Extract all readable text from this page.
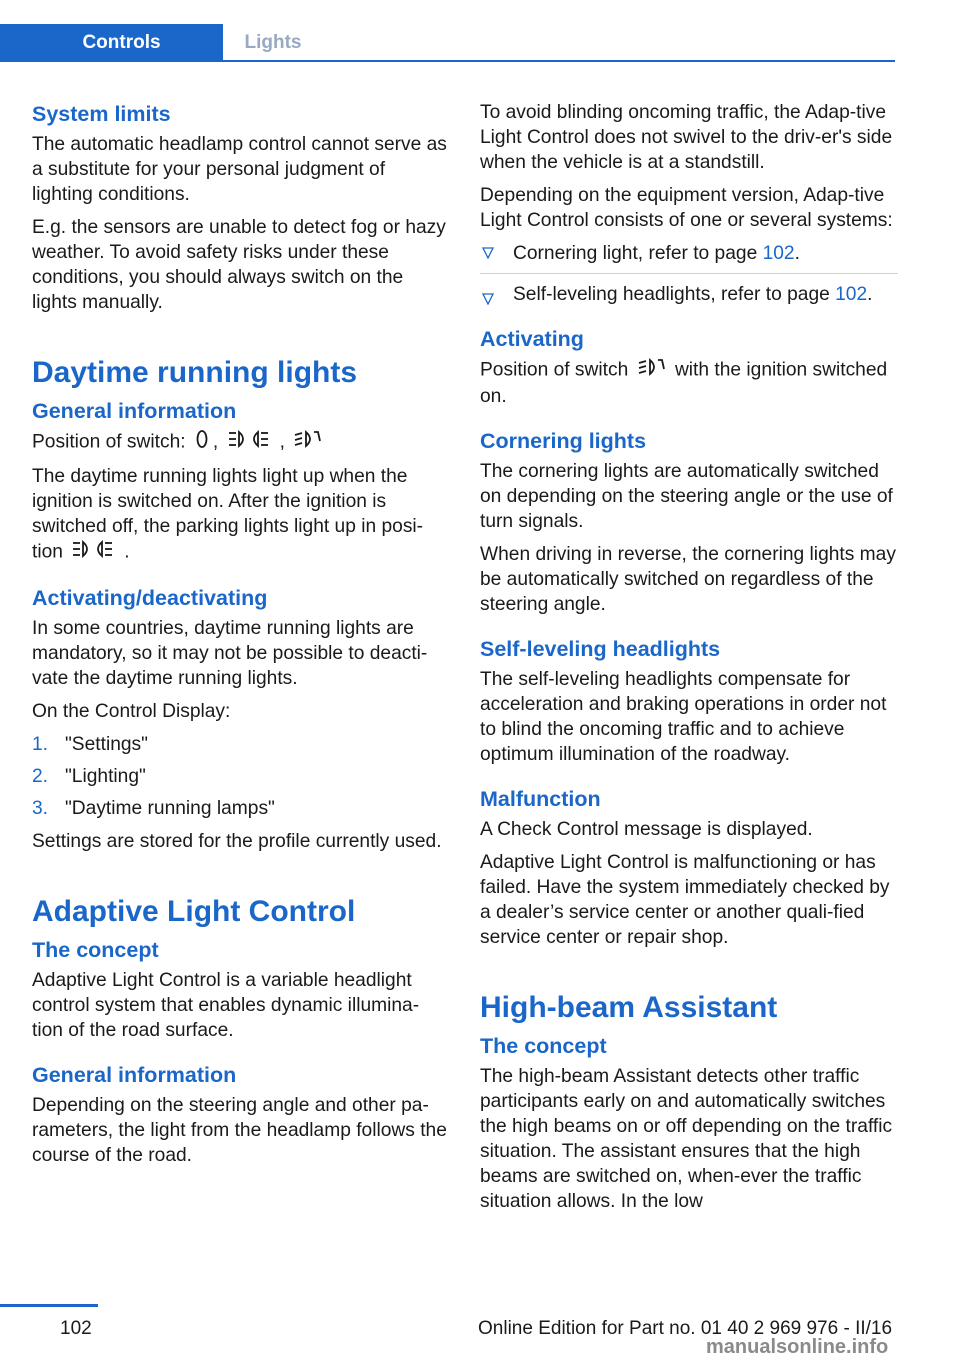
Controls	Lights
System limits

The automatic headlamp control cannot serve as a substitute for your personal judgment of lighting conditions.

E.g. the sensors are unable to detect fog or hazy weather. To avoid safety risks under these conditions, you should always switch on the lights manually.

Daytime running lights
General information

Position of switch: ,	,

The daytime running lights light up when the ignition is switched on. After the ignition is switched off, the parking lights light up in posi‐tion	.

Activating/deactivating

In some countries, daytime running lights are mandatory, so it may not be possible to deacti‐vate the daytime running lights.

On the Control Display:

1. "Settings"
2. "Lighting"
3. "Daytime running lamps"

Settings are stored for the profile currently used.

Adaptive Light Control
The concept

Adaptive Light Control is a variable headlight control system that enables dynamic illumina‐tion of the road surface.

General information

Depending on the steering angle and other pa‐rameters, the light from the headlamp follows the course of the road.

To avoid blinding oncoming traffic, the Adap‐tive Light Control does not swivel to the driv‐er's side when the vehicle is at a standstill.

Depending on the equipment version, Adap‐tive Light Control consists of one or several systems:

Cornering light, refer to page 102.
Self-leveling headlights, refer to page 102.
Activating

Position of switch with the ignition switched on.

Cornering lights

The cornering lights are automatically switched on depending on the steering angle or the use of turn signals.

When driving in reverse, the cornering lights may be automatically switched on regardless of the steering angle.

Self-leveling headlights

The self-leveling headlights compensate for acceleration and braking operations in order not to blind the oncoming traffic and to achieve optimum illumination of the roadway.

Malfunction

A Check Control message is displayed.

Adaptive Light Control is malfunctioning or has failed. Have the system immediately checked by a dealer’s service center or another quali‐fied service center or repair shop.

High-beam Assistant
The concept

The high-beam Assistant detects other traffic participants early on and automatically switches the high beams on or off depending on the traffic situation. The assistant ensures that the high beams are switched on, when‐ever the traffic situation allows. In the low

102	Online Edition for Part no. 01 40 2 969 976 - II/16
manualsonline.info
